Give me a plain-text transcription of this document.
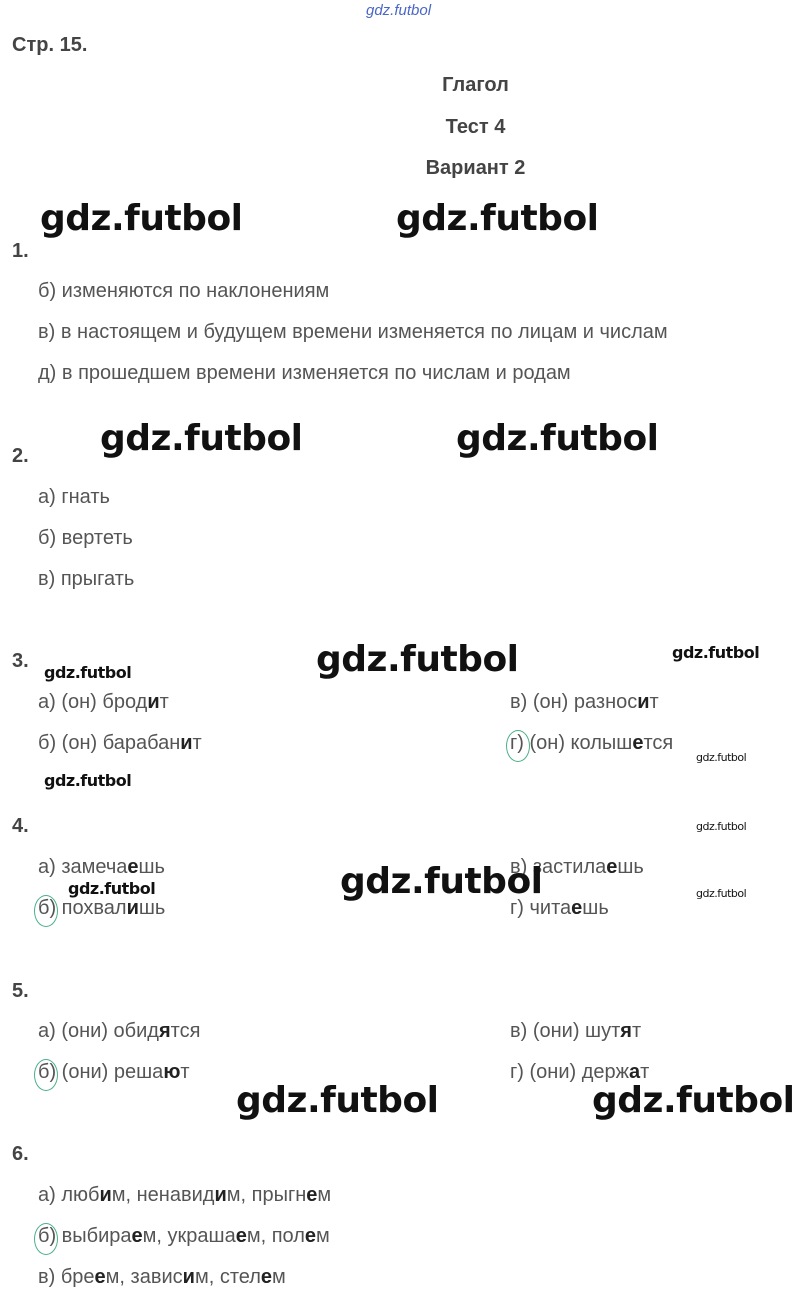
gdz.futbol
Стр. 15.
Глагол
Тест 4
Вариант 2
1.
б) изменяются по наклонениям
в) в настоящем и будущем времени изменяется по лицам и числам
д) в прошедшем времени изменяется по числам и родам
2.
а) гнать
б) вертеть
в) прыгать
3.
а) (он) бродит
б) (он) барабанит
в) (он) разносит
г) (он) колышется
4.
а) замечаешь
б) похвалишь
в) застилаешь
г) читаешь
5.
а) (они) обидятся
б) (они) решают
в) (они) шутят
г) (они) держат
6.
а) любим, ненавидим, прыгнем
б) выбираем, украшаем, полем
в) бреем, зависим, стелем
gdz.futbol	gdz.futbol
gdz.futbol	gdz.futbol
gdz.futbol
gdz.futbol
gdz.futbol
gdz.futbol
gdz.futbol
gdz.futbol
gdz.futbol
gdz.futbol	gdz.futbol
gdz.futbol	gdz.futbol
